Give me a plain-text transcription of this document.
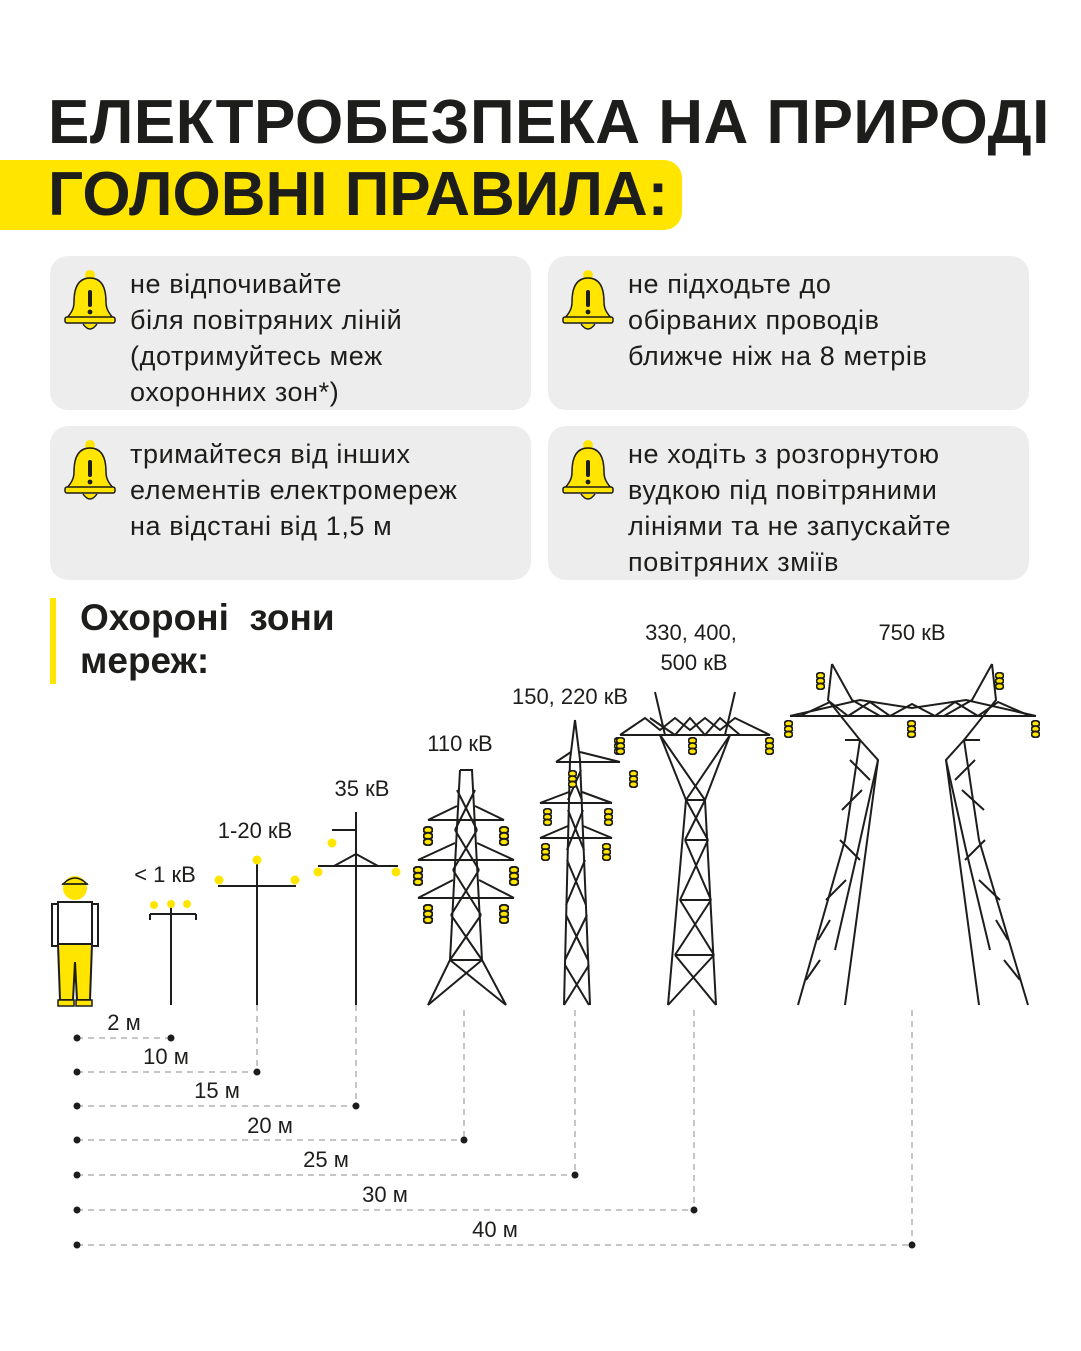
ЕЛЕКТРОБЕЗПЕКА НА ПРИРОДІ
ГОЛОВНІ ПРАВИЛА:
не відпочивайте
біля повітряних ліній
(дотримуйтесь меж
охоронних зон*)
не підходьте до
обірваних проводів
ближче ніж на 8 метрів
тримайтеся від інших
елементів електромереж
на відстані від 1,5 м
не ходіть з розгорнутою
вудкою під повітряними
лініями та не запускайте
повітряних зміїв
Охороні  зони
мереж:
< 1 кВ
1-20 кВ
35 кВ
110 кВ
150, 220 кВ
330, 400, 500 кВ
750 кВ
2 м
10 м
15 м
20 м
25 м
30 м
40 м
